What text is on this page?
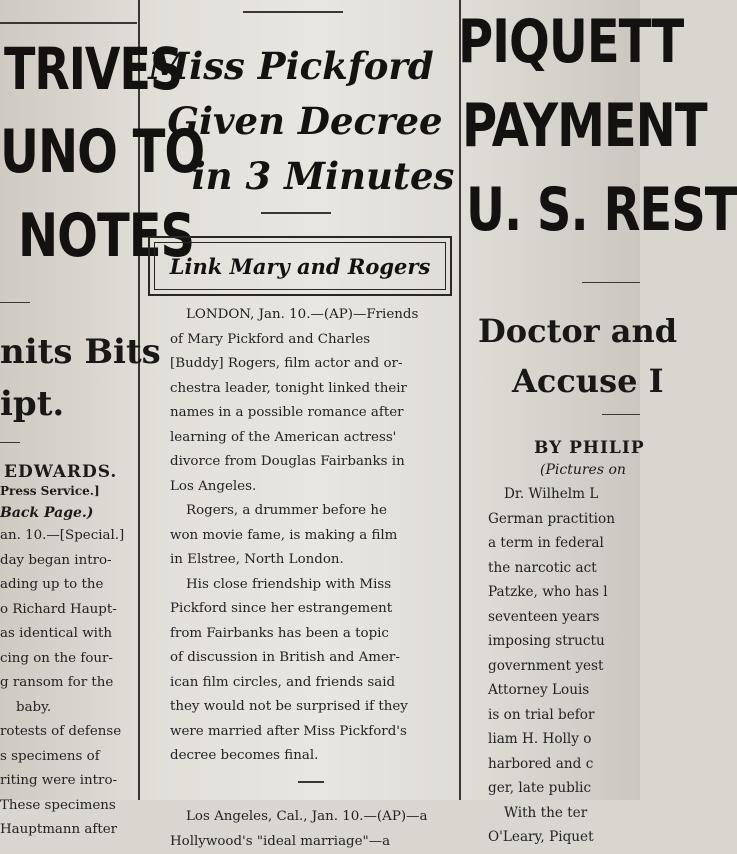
TRIVES
UNO TO
NOTES
nits Bits
ipt.
EDWARDS.
Press Service.]
Back Page.)
an. 10.—[Special.]
day began intro-
ading up to the
o Richard Haupt-
as identical with
cing on the four-
g ransom for the
baby.
rotests of defense
s specimens of
riting were intro-
These specimens
Hauptmann after
Miss Pickford
Given Decree
in 3 Minutes
Link Mary and Rogers
LONDON, Jan. 10.—(AP)—Friends
of Mary Pickford and Charles
[Buddy] Rogers, film actor and or-
chestra leader, tonight linked their
names in a possible romance after
learning of the American actress'
divorce from Douglas Fairbanks in
Los Angeles.
Rogers, a drummer before he
won movie fame, is making a film
in Elstree, North London.
His close friendship with Miss
Pickford since her estrangement
from Fairbanks has been a topic
of discussion in British and Amer-
ican film circles, and friends said
they would not be surprised if they
were married after Miss Pickford's
decree becomes final.
Los Angeles, Cal., Jan. 10.—(AP)—a
Hollywood's "ideal marriage"—a
PIQUETT
PAYMENT
U. S. REST
Doctor and
Accuse I
BY PHILIP
(Pictures on
Dr. Wilhelm L
German practition
a term in federal
the narcotic act
Patzke, who has l
seventeen years
imposing structu
government yest
Attorney Louis
is on trial befor
liam H. Holly o
harbored and c
ger, late public
With the ter
O'Leary, Piquet
